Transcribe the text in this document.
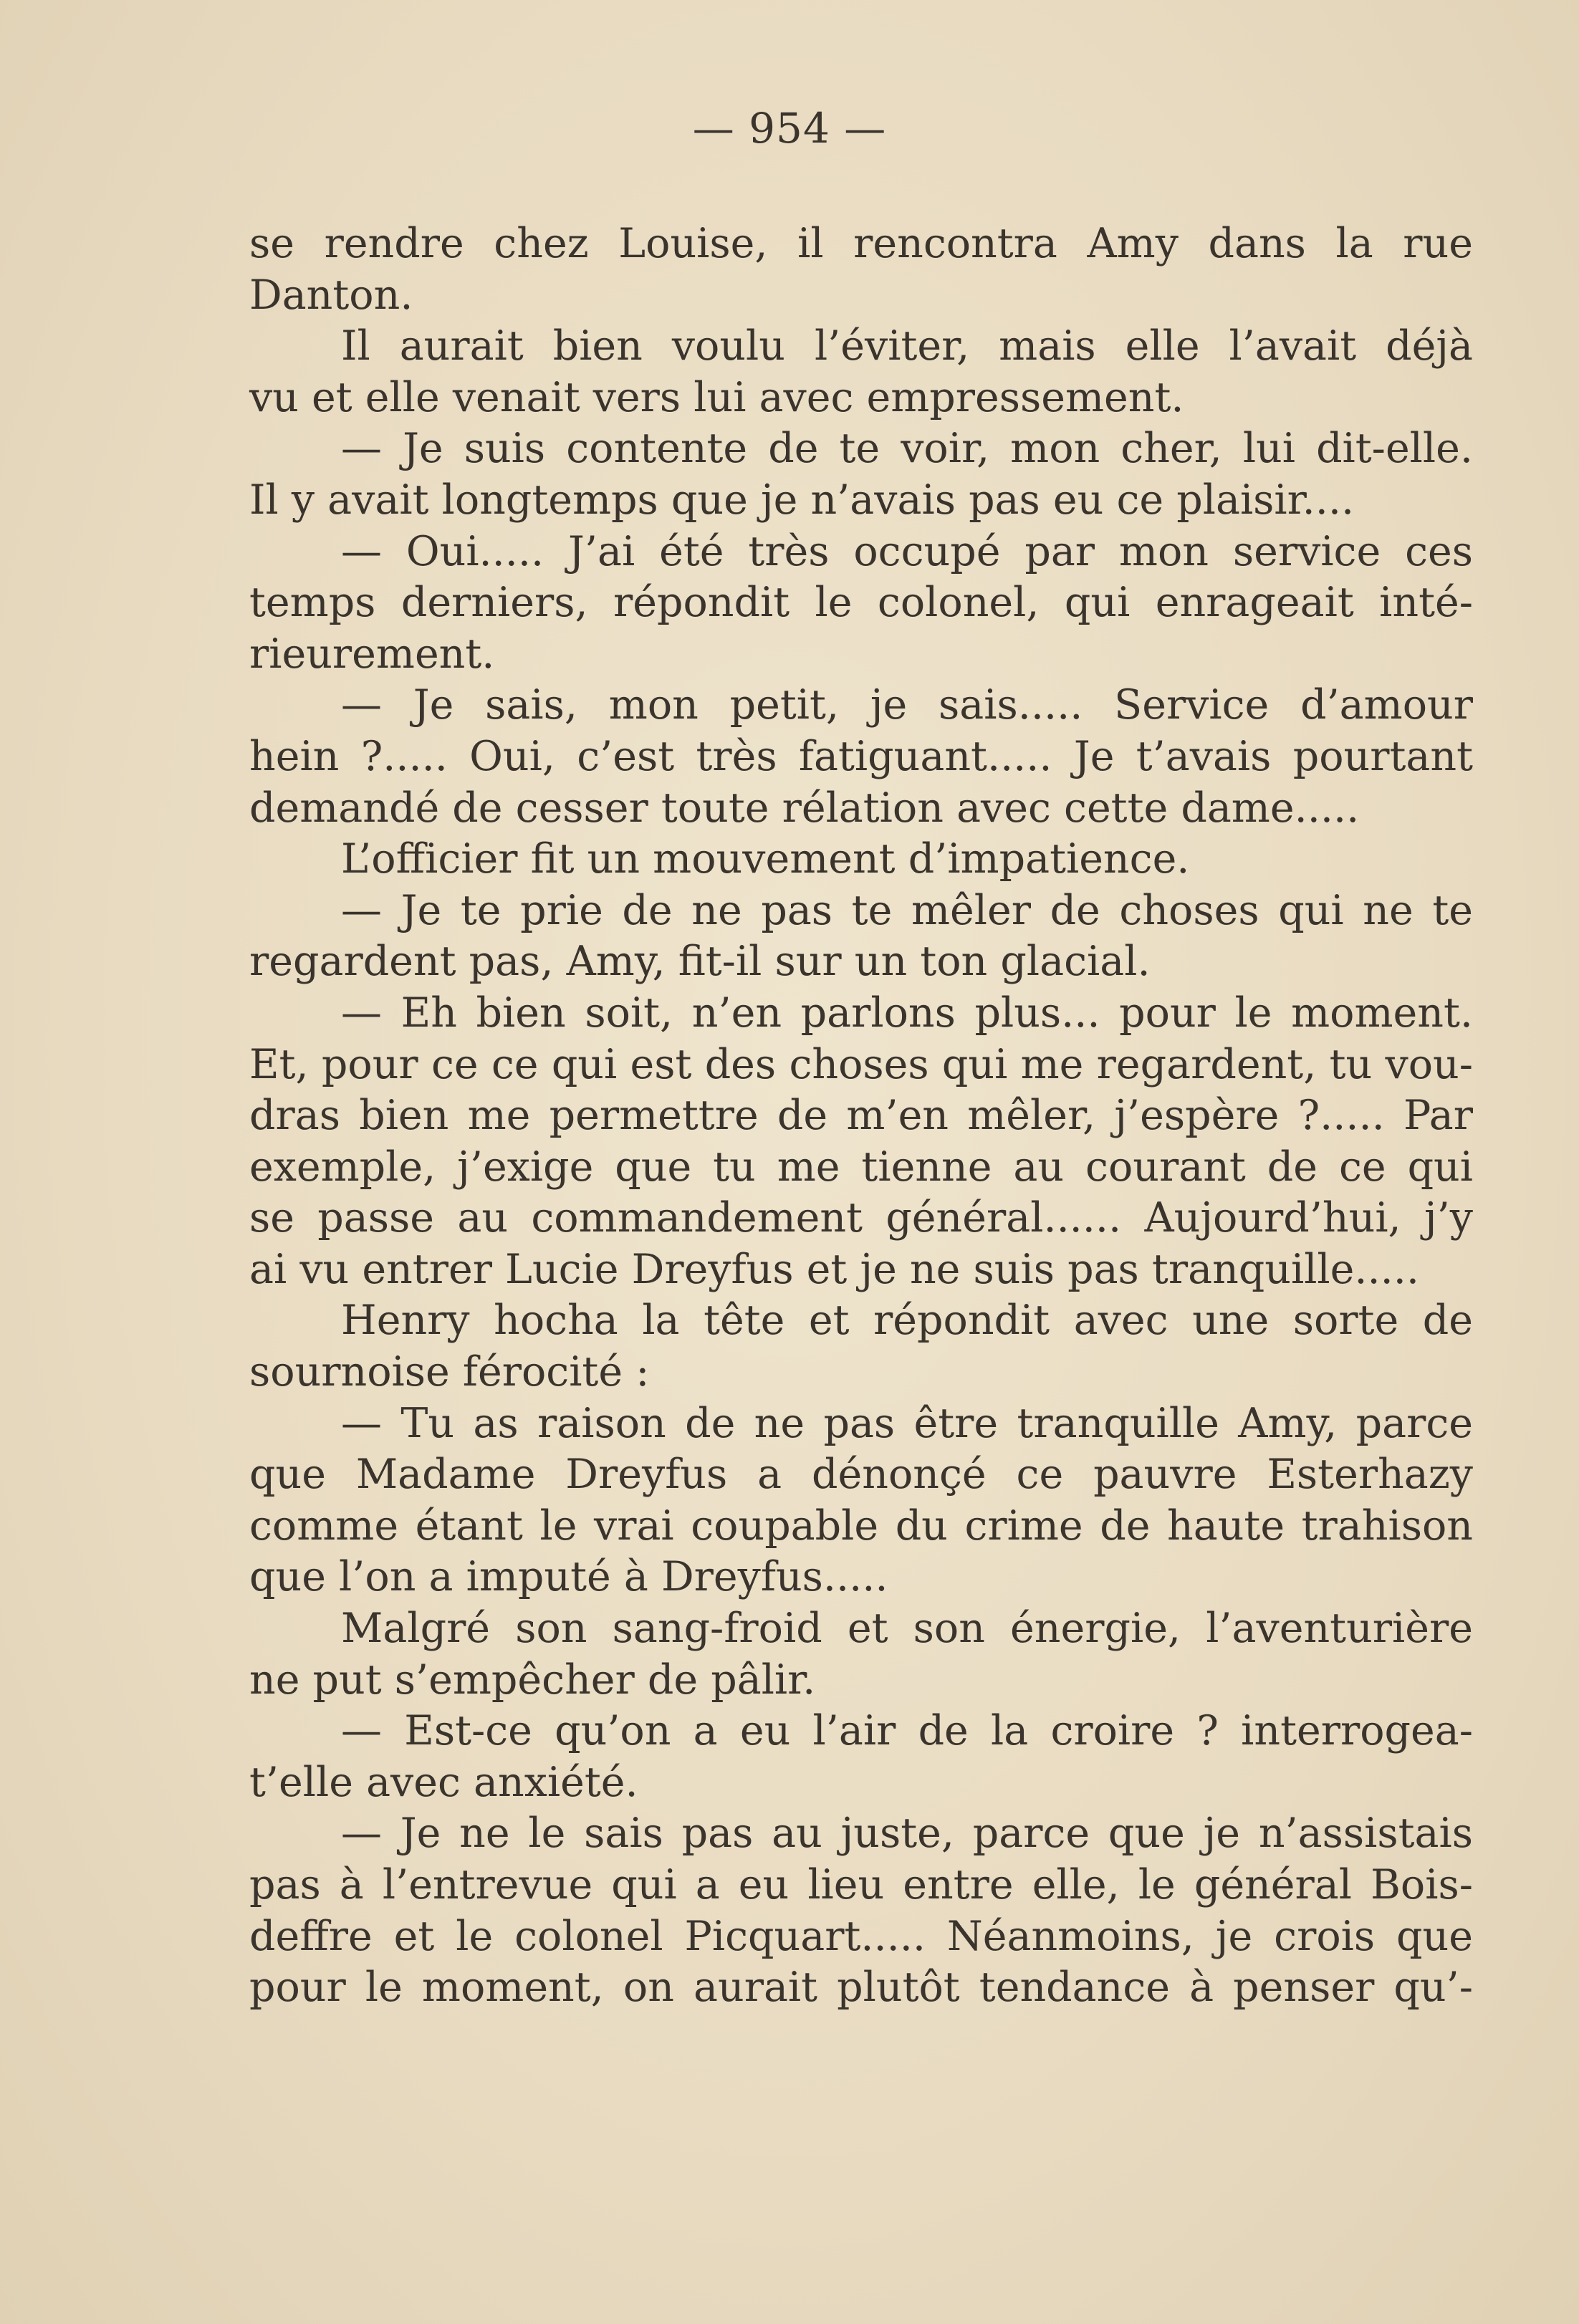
— 954 —

se rendre chez Louise, il rencontra Amy dans la rue

Danton.

Il aurait bien voulu l’éviter, mais elle l’avait déjà

vu et elle venait vers lui avec empressement.

— Je suis contente de te voir, mon cher, lui dit-elle.

Il y avait longtemps que je n’avais pas eu ce plaisir....

— Oui..... J’ai été très occupé par mon service ces

temps derniers, répondit le colonel, qui enrageait inté-

rieurement.

— Je sais, mon petit, je sais..... Service d’amour

hein ?..... Oui, c’est très fatiguant..... Je t’avais pourtant

demandé de cesser toute rélation avec cette dame.....

L’officier fit un mouvement d’impatience.

— Je te prie de ne pas te mêler de choses qui ne te

regardent pas, Amy, fit-il sur un ton glacial.

— Eh bien soit, n’en parlons plus... pour le moment.

Et, pour ce ce qui est des choses qui me regardent, tu vou-

dras bien me permettre de m’en mêler, j’espère ?..... Par

exemple, j’exige que tu me tienne au courant de ce qui

se passe au commandement général...... Aujourd’hui, j’y

ai vu entrer Lucie Dreyfus et je ne suis pas tranquille.....

Henry hocha la tête et répondit avec une sorte de

sournoise férocité :

— Tu as raison de ne pas être tranquille Amy, parce

que Madame Dreyfus a dénonçé ce pauvre Esterhazy

comme étant le vrai coupable du crime de haute trahison

que l’on a imputé à Dreyfus.....

Malgré son sang-froid et son énergie, l’aventurière

ne put s’empêcher de pâlir.

— Est-ce qu’on a eu l’air de la croire ? interrogea-

t’elle avec anxiété.

— Je ne le sais pas au juste, parce que je n’assistais

pas à l’entrevue qui a eu lieu entre elle, le général Bois-

deffre et le colonel Picquart..... Néanmoins, je crois que

pour le moment, on aurait plutôt tendance à penser qu’-
